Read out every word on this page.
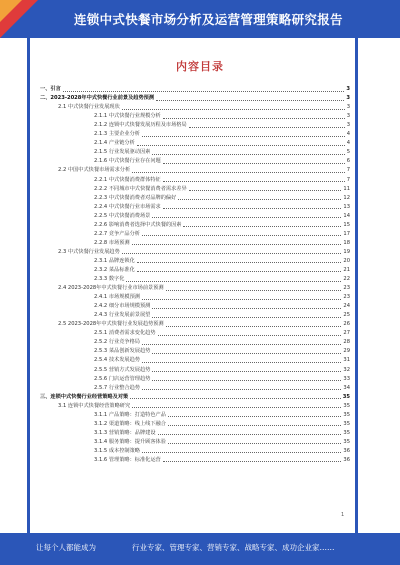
连锁中式快餐市场分析及运营管理策略研究报告
内容目录
一、引言	3
二、2023-2028年中式快餐行业前景及趋势预测	3
2.1 中式快餐行业发展现状	3
2.1.1 中式快餐行业规模分析	3
2.1.2 连锁中式快餐发展历程及市场格局	3
2.1.3 主要企业分析	4
2.1.4 产业链分析	4
2.1.5 行业发展驱动因素	5
2.1.6 中式快餐行业存在问题	6
2.2 中国中式快餐市场需求分析	7
2.2.1 中式快餐消费群体特征	7
2.2.2 不同城市中式快餐消费者需求差异	11
2.2.3 中式快餐消费者对品牌的偏好	12
2.2.4 中式快餐行业市场需求	13
2.2.5 中式快餐消费场景	14
2.2.6 影响消费者选择中式快餐的因素	15
2.2.7 竞争产品分析	17
2.2.8 市场预测	18
2.3 中式快餐行业发展趋势	19
2.3.1 品牌连锁化	20
2.3.2 菜品标准化	21
2.3.3 数字化	22
2.4 2023-2028年中式快餐行业市场前景预测	23
2.4.1 市场规模预测	23
2.4.2 细分市场规模预测	24
2.4.3 行业发展前景展望	25
2.5 2023-2028年中式快餐行业发展趋势预测	26
2.5.1 消费者需求变化趋势	27
2.5.2 行业竞争格局	28
2.5.3 菜品创新发展趋势	29
2.5.4 技术发展趋势	31
2.5.5 营销方式发展趋势	32
2.5.6 门店运营管理趋势	33
2.5.7 行业整合趋势	34
三、连锁中式快餐行业经营策略及对策	35
3.1 连锁中式快餐经营策略研究	35
3.1.1 产品策略：打造特色产品	35
3.1.2 渠道策略：线上线下融合	35
3.1.3 营销策略：品牌建设	35
3.1.4 服务策略：提升顾客体验	35
3.1.5 成本控制策略	36
3.1.6 管理策略：标准化运营	36
1
让每个人都能成为	行业专家、管理专家、营销专家、战略专家、成功企业家……
